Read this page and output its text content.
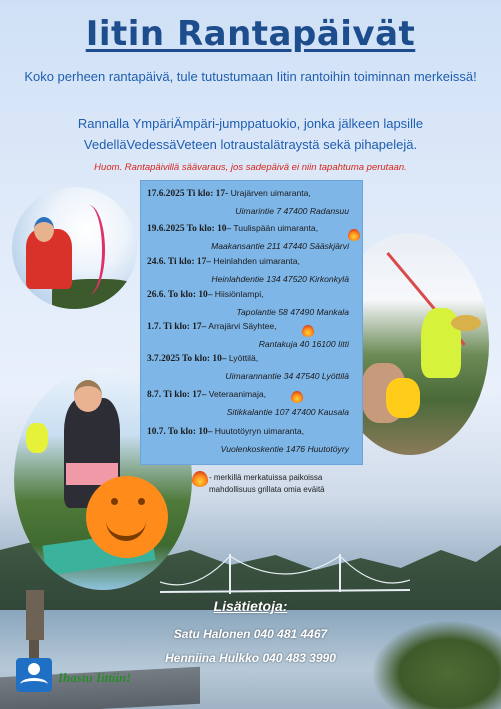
Iitin Rantapäivät
Koko perheen rantapäivä, tule tutustumaan Iitin rantoihin toiminnan merkeissä!
Rannalla YmpäriÄmpäri-jumppatuokio, jonka jälkeen lapsille VedelläVedessäVeteen lotraustalätraystä sekä pihapelejä.
Huom. Rantapäivillä säävaraus, jos sadepäivä ei niin tapahtuma perutaan.
17.6.2025 Ti klo: 17- Urajärven uimaranta,
Uimarintie 7 47400 Radansuu
19.6.2025 To klo: 10– Tuulispään uimaranta,
Maakansantie 211 47440 Sääskjärvi
24.6. Ti klo: 17– Heinlahden uimaranta,
Heinlahdentie 134 47520 Kirkonkylä
26.6. To klo: 10– Hiisiönlampi,
Tapolantie 58 47490 Mankala
1.7. Ti klo: 17– Arrajärvi Säyhtee,
Rantakuja 40 16100 Iitti
3.7.2025 To klo: 10– Lyöttilä,
Uimarannantie 34 47540 Lyöttilä
8.7. Ti klo: 17– Veteraanimaja,
Sitikkalantie 107 47400 Kausala
10.7. To klo: 10– Huutotöyryn uimaranta,
Vuolenkoskentie 1476 Huutotöyry
- merkillä merkatuissa paikoissa
mahdollisuus grillata omia eväitä
Lisätietoja:
Satu Halonen 040 481 4467
Henniina Hulkko 040 483 3990
Ihastu Iittiin!
